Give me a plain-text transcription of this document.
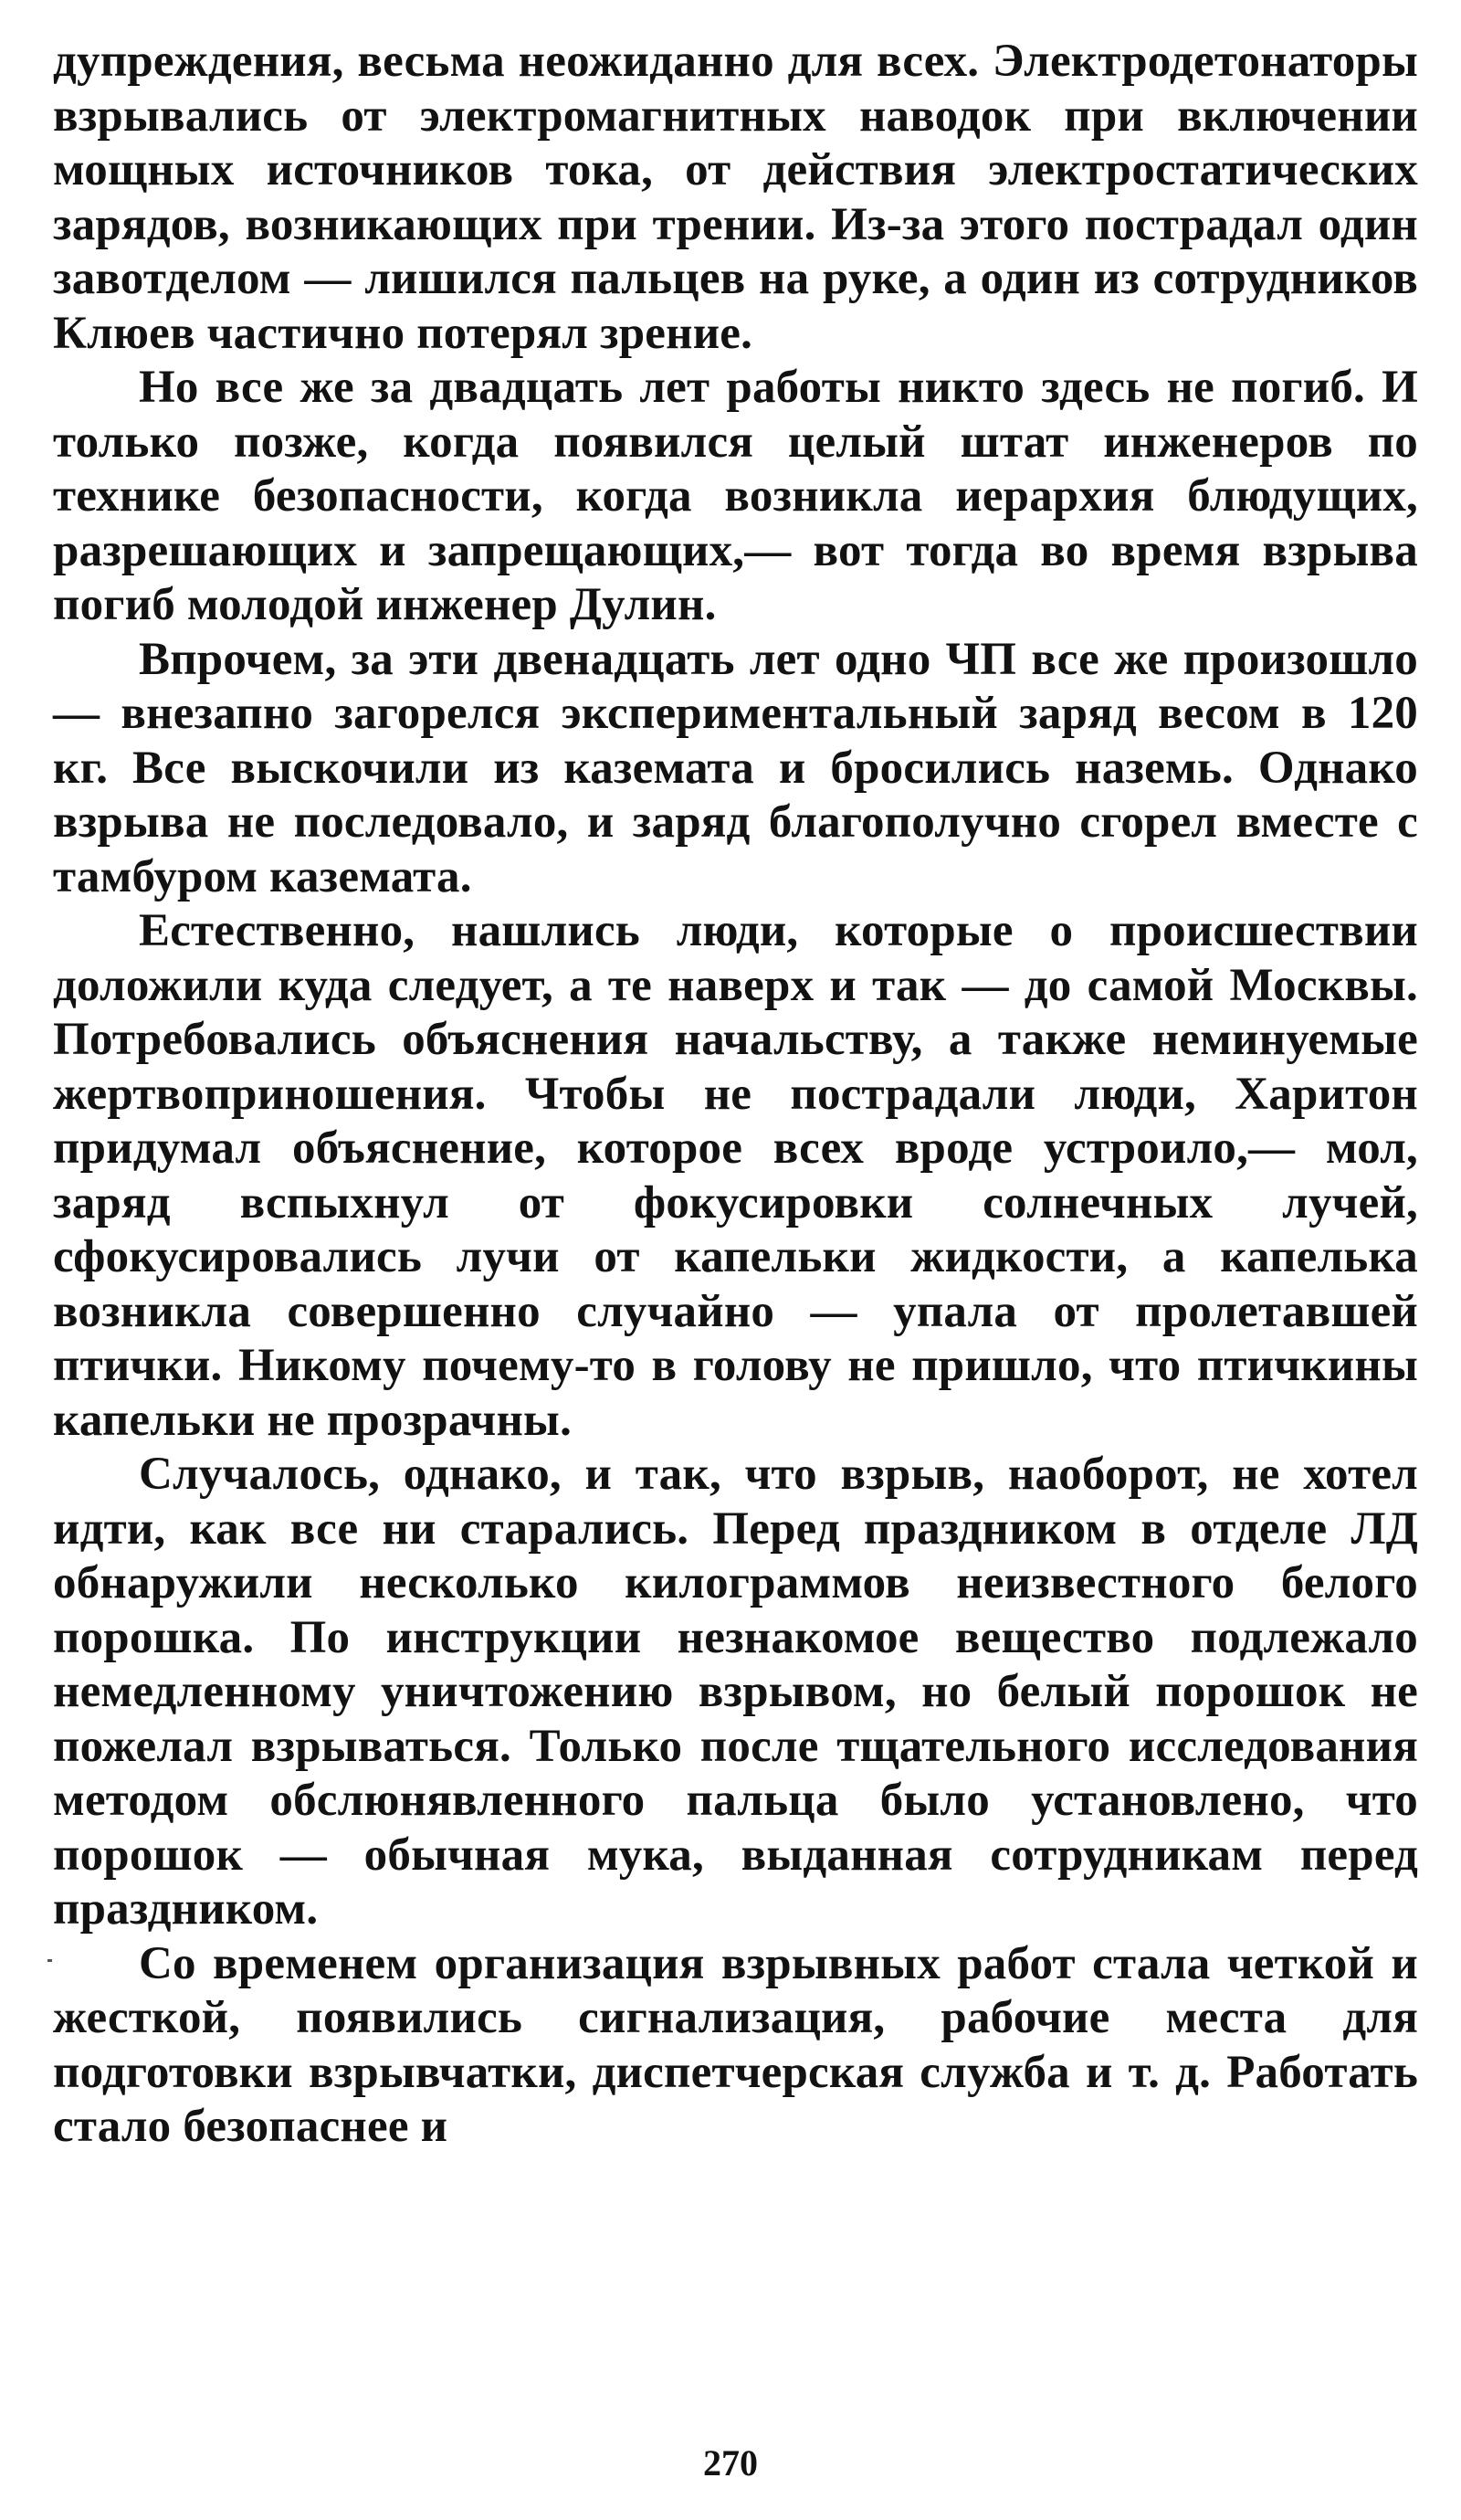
дупреждения, весьма неожиданно для всех. Электродетонаторы взрывались от электромагнитных наводок при включении мощных источников тока, от действия электростатических зарядов, возникающих при трении. Из-за этого пострадал один завотделом — лишился пальцев на руке, а один из сотрудников Клюев частично потерял зрение.

Но все же за двадцать лет работы никто здесь не погиб. И только позже, когда появился целый штат инженеров по технике безопасности, когда возникла иерархия блюдущих, разрешающих и запрещающих,— вот тогда во время взрыва погиб молодой инженер Дулин.

Впрочем, за эти двенадцать лет одно ЧП все же произошло — внезапно загорелся экспериментальный заряд весом в 120 кг. Все выскочили из каземата и бросились наземь. Однако взрыва не последовало, и заряд благополучно сгорел вместе с тамбуром каземата.

Естественно, нашлись люди, которые о происшествии доложили куда следует, а те наверх и так — до самой Москвы. Потребовались объяснения начальству, а также неминуемые жертвоприношения. Чтобы не пострадали люди, Харитон придумал объяснение, которое всех вроде устроило,— мол, заряд вспыхнул от фокусировки солнечных лучей, сфокусировались лучи от капельки жидкости, а капелька возникла совершенно случайно — упала от пролетавшей птички. Никому почему-то в голову не пришло, что птичкины капельки не прозрачны.

Случалось, однако, и так, что взрыв, наоборот, не хотел идти, как все ни старались. Перед праздником в отделе ЛД обнаружили несколько килограммов неизвестного белого порошка. По инструкции незнакомое вещество подлежало немедленному уничтожению взрывом, но белый порошок не пожелал взрываться. Только после тщательного исследования методом обслюнявленного пальца было установлено, что порошок — обычная мука, выданная сотрудникам перед праздником.

Со временем организация взрывных работ стала четкой и жесткой, появились сигнализация, рабочие места для подготовки взрывчатки, диспетчерская служба и т. д. Работать стало безопаснее и

270
